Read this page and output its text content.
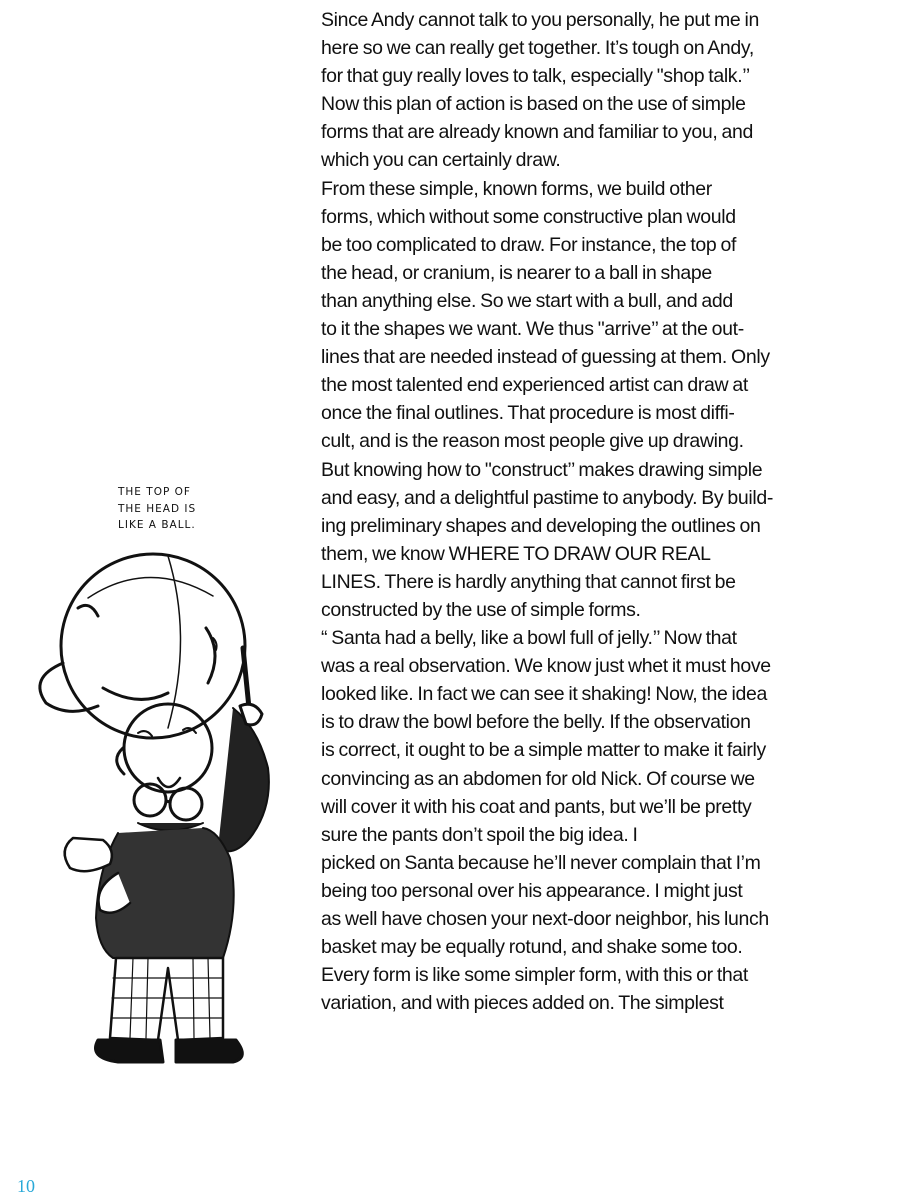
THE TOP OF
THE HEAD IS
LIKE A BALL.

Since Andy cannot talk to you personally, he put me in
here so we can really get together. It’s tough on Andy,
for that guy really loves to talk, especially "shop talk.’’
Now this plan of action is based on the use of simple
forms that are already known and familiar to you, and
which you can certainly draw.

From these simple, known forms, we build other
forms, which without some constructive plan would
be too complicated to draw. For instance, the top of
the head, or cranium, is nearer to a ball in shape
than anything else. So we start with a bull, and add
to it the shapes we want. We thus "arrive’’ at the out-
lines that are needed instead of guessing at them. Only
the most talented end experienced artist can draw at
once the final outlines. That procedure is most diffi-
cult, and is the reason most people give up drawing.

But knowing how to "construct’’ makes drawing simple
and easy, and a delightful pastime to anybody. By build-
ing preliminary shapes and developing the outlines on
them, we know WHERE TO DRAW OUR REAL
LINES. There is hardly anything that cannot first be
constructed by the use of simple forms.

“ Santa had a belly, like a bowl full of jelly.’’ Now that
was a real observation. We know just whet it must hove
looked like. In fact we can see it shaking! Now, the idea
is to draw the bowl before the belly. If the observation
is correct, it ought to be a simple matter to make it fairly
convincing as an abdomen for old Nick. Of course we
will cover it with his coat and pants, but we’ll be pretty
sure the pants don’t spoil the big idea. I

picked on Santa because he’ll never complain that I’m
being too personal over his appearance. I might just
as well have chosen your next-door neighbor, his lunch
basket may be equally rotund, and shake some too.
Every form is like some simpler form, with this or that
variation, and with pieces added on. The simplest

10
